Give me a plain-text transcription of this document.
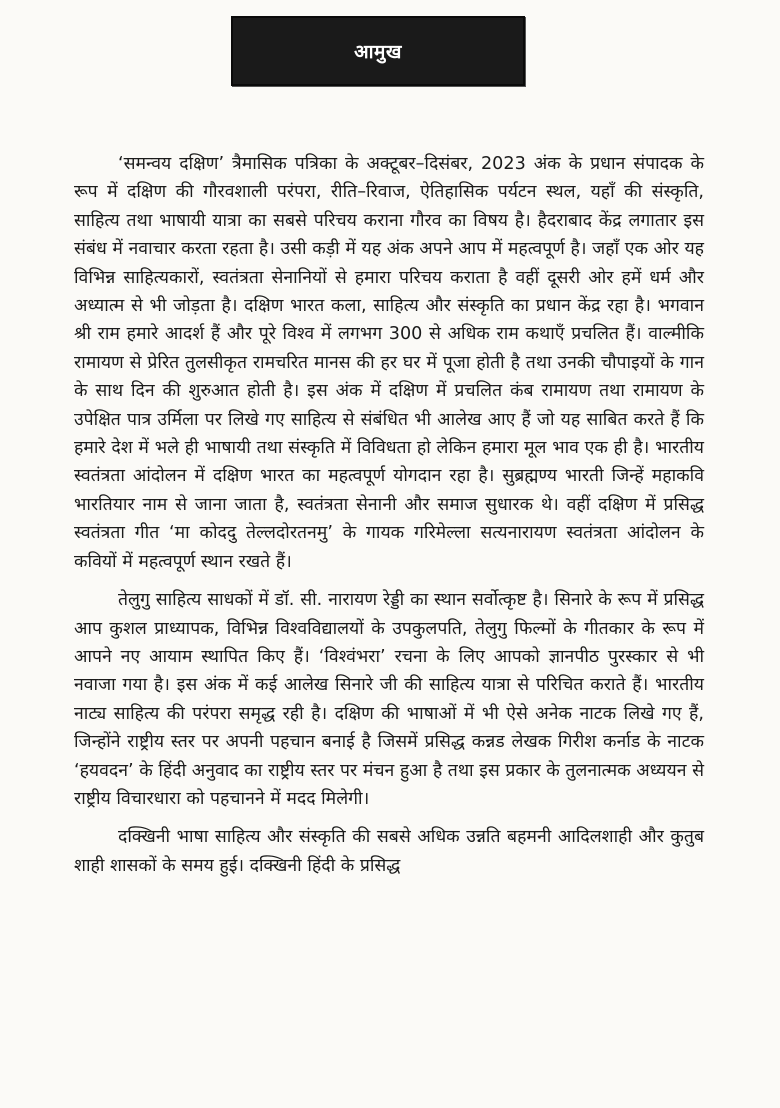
आमुख

‘समन्वय दक्षिण’ त्रैमासिक पत्रिका के अक्टूबर–दिसंबर, 2023 अंक के प्रधान संपादक के रूप में दक्षिण की गौरवशाली परंपरा, रीति–रिवाज, ऐतिहासिक पर्यटन स्थल, यहाँ की संस्कृति, साहित्य तथा भाषायी यात्रा का सबसे परिचय कराना गौरव का विषय है। हैदराबाद केंद्र लगातार इस संबंध में नवाचार करता रहता है। उसी कड़ी में यह अंक अपने आप में महत्वपूर्ण है। जहाँ एक ओर यह विभिन्न साहित्यकारों, स्वतंत्रता सेनानियों से हमारा परिचय कराता है वहीं दूसरी ओर हमें धर्म और अध्यात्म से भी जोड़ता है। दक्षिण भारत कला, साहित्य और संस्कृति का प्रधान केंद्र रहा है। भगवान श्री राम हमारे आदर्श हैं और पूरे विश्व में लगभग 300 से अधिक राम कथाएँ प्रचलित हैं। वाल्मीकि रामायण से प्रेरित तुलसीकृत रामचरित मानस की हर घर में पूजा होती है तथा उनकी चौपाइयों के गान के साथ दिन की शुरुआत होती है। इस अंक में दक्षिण में प्रचलित कंब रामायण तथा रामायण के उपेक्षित पात्र उर्मिला पर लिखे गए साहित्य से संबंधित भी आलेख आए हैं जो यह साबित करते हैं कि हमारे देश में भले ही भाषायी तथा संस्कृति में विविधता हो लेकिन हमारा मूल भाव एक ही है। भारतीय स्वतंत्रता आंदोलन में दक्षिण भारत का महत्वपूर्ण योगदान रहा है। सुब्रह्मण्य भारती जिन्हें महाकवि भारतियार नाम से जाना जाता है, स्वतंत्रता सेनानी और समाज सुधारक थे। वहीं दक्षिण में प्रसिद्ध स्वतंत्रता गीत ‘मा कोददु तेल्लदोरतनमु’ के गायक गरिमेल्ला सत्यनारायण स्वतंत्रता आंदोलन के कवियों में महत्वपूर्ण स्थान रखते हैं।

तेलुगु साहित्य साधकों में डॉ. सी. नारायण रेड्डी का स्थान सर्वोत्कृष्ट है। सिनारे के रूप में प्रसिद्ध आप कुशल प्राध्यापक, विभिन्न विश्वविद्यालयों के उपकुलपति, तेलुगु फिल्मों के गीतकार के रूप में आपने नए आयाम स्थापित किए हैं। ‘विश्वंभरा’ रचना के लिए आपको ज्ञानपीठ पुरस्कार से भी नवाजा गया है। इस अंक में कई आलेख सिनारे जी की साहित्य यात्रा से परिचित कराते हैं। भारतीय नाट्य साहित्य की परंपरा समृद्ध रही है। दक्षिण की भाषाओं में भी ऐसे अनेक नाटक लिखे गए हैं, जिन्होंने राष्ट्रीय स्तर पर अपनी पहचान बनाई है जिसमें प्रसिद्ध कन्नड लेखक गिरीश कर्नाड के नाटक ‘हयवदन’ के हिंदी अनुवाद का राष्ट्रीय स्तर पर मंचन हुआ है तथा इस प्रकार के तुलनात्मक अध्ययन से राष्ट्रीय विचारधारा को पहचानने में मदद मिलेगी।

दक्खिनी भाषा साहित्य और संस्कृति की सबसे अधिक उन्नति बहमनी आदिलशाही और कुतुब शाही शासकों के समय हुई। दक्खिनी हिंदी के प्रसिद्ध
